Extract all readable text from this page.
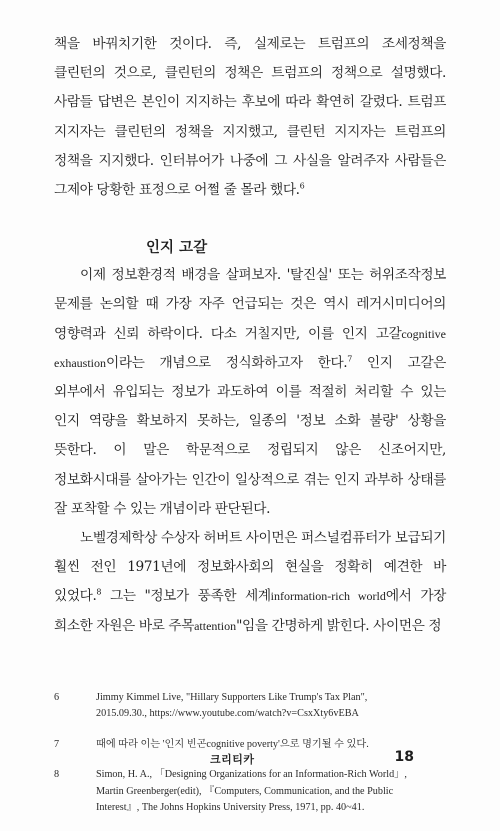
책을 바꿔치기한 것이다. 즉, 실제로는 트럼프의 조세정책을 클린턴의 것으로, 클린턴의 정책은 트럼프의 정책으로 설명했다. 사람들 답변은 본인이 지지하는 후보에 따라 확연히 갈렸다. 트럼프 지지자는 클린턴의 정책을 지지했고, 클린턴 지지자는 트럼프의 정책을 지지했다. 인터뷰어가 나중에 그 사실을 알려주자 사람들은 그제야 당황한 표정으로 어쩔 줄 몰라 했다.$^6$

인지 고갈

이제 정보환경적 배경을 살펴보자. '탈진실' 또는 허위조작정보 문제를 논의할 때 가장 자주 언급되는 것은 역시 레거시미디어의 영향력과 신뢰 하락이다. 다소 거칠지만, 이를 인지 고갈cognitive exhaustion이라는 개념으로 정식화하고자 한다.$^7$ 인지 고갈은 외부에서 유입되는 정보가 과도하여 이를 적절히 처리할 수 있는 인지 역량을 확보하지 못하는, 일종의 '정보 소화 불량' 상황을 뜻한다. 이 말은 학문적으로 정립되지 않은 신조어지만, 정보화시대를 살아가는 인간이 일상적으로 겪는 인지 과부하 상태를 잘 포착할 수 있는 개념이라 판단된다.

노벨경제학상 수상자 허버트 사이먼은 퍼스널컴퓨터가 보급되기 훨씬 전인 1971년에 정보화사회의 현실을 정확히 예견한 바 있었다.$^8$ 그는 "정보가 풍족한 세계information-rich world에서 가장 희소한 자원은 바로 주목attention"임을 간명하게 밝힌다. 사이먼은 정

6	Jimmy Kimmel Live, "Hillary Supporters Like Trump's Tax Plan",
2015.09.30., https://www.youtube.com/watch?v=CsxXty6vEBA
7	때에 따라 이는 '인지 빈곤cognitive poverty'으로 명기될 수 있다.
8	Simon, H. A., 「Designing Organizations for an Information-Rich World」,
Martin Greenberger(edit), 『Computers, Communication, and the Public
Interest』, The Johns Hopkins University Press, 1971, pp. 40~41.
크리티카	18
